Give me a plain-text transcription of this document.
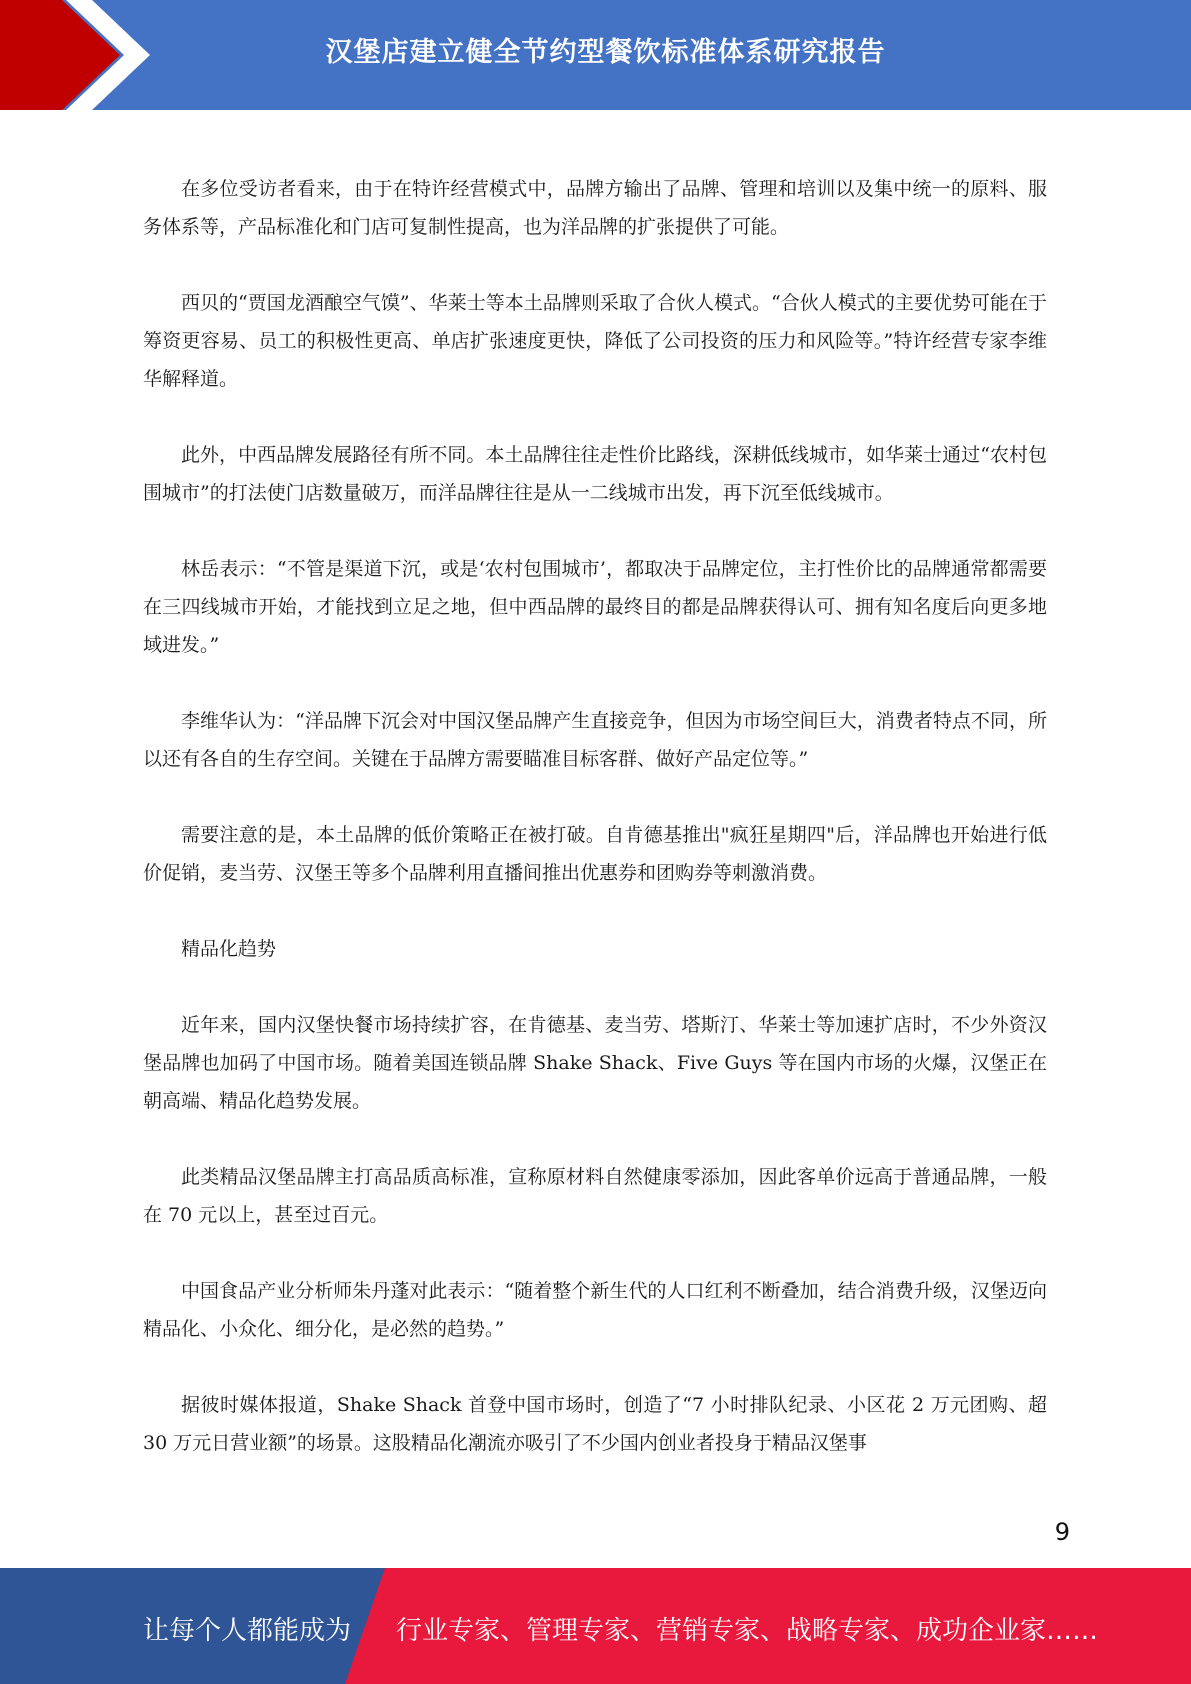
汉堡店建立健全节约型餐饮标准体系研究报告

在多位受访者看来，由于在特许经营模式中，品牌方输出了品牌、管理和培训以及集中统一的原料、服务体系等，产品标准化和门店可复制性提高，也为洋品牌的扩张提供了可能。

西贝的“贾国龙酒酿空气馍”、华莱士等本土品牌则采取了合伙人模式。“合伙人模式的主要优势可能在于筹资更容易、员工的积极性更高、单店扩张速度更快，降低了公司投资的压力和风险等。”特许经营专家李维华解释道。

此外，中西品牌发展路径有所不同。本土品牌往往走性价比路线，深耕低线城市，如华莱士通过“农村包围城市”的打法使门店数量破万，而洋品牌往往是从一二线城市出发，再下沉至低线城市。

林岳表示：“不管是渠道下沉，或是‘农村包围城市’，都取决于品牌定位，主打性价比的品牌通常都需要在三四线城市开始，才能找到立足之地，但中西品牌的最终目的都是品牌获得认可、拥有知名度后向更多地域进发。”

李维华认为：“洋品牌下沉会对中国汉堡品牌产生直接竞争，但因为市场空间巨大，消费者特点不同，所以还有各自的生存空间。关键在于品牌方需要瞄准目标客群、做好产品定位等。”

需要注意的是，本土品牌的低价策略正在被打破。自肯德基推出"疯狂星期四"后，洋品牌也开始进行低价促销，麦当劳、汉堡王等多个品牌利用直播间推出优惠券和团购券等刺激消费。

精品化趋势

近年来，国内汉堡快餐市场持续扩容，在肯德基、麦当劳、塔斯汀、华莱士等加速扩店时，不少外资汉堡品牌也加码了中国市场。随着美国连锁品牌 Shake Shack、Five Guys 等在国内市场的火爆，汉堡正在朝高端、精品化趋势发展。

此类精品汉堡品牌主打高品质高标准，宣称原材料自然健康零添加，因此客单价远高于普通品牌，一般在 70 元以上，甚至过百元。

中国食品产业分析师朱丹蓬对此表示：“随着整个新生代的人口红利不断叠加，结合消费升级，汉堡迈向精品化、小众化、细分化，是必然的趋势。”

据彼时媒体报道，Shake Shack 首登中国市场时，创造了“7 小时排队纪录、小区花 2 万元团购、超 30 万元日营业额”的场景。这股精品化潮流亦吸引了不少国内创业者投身于精品汉堡事

9
让每个人都能成为 行业专家、管理专家、营销专家、战略专家、成功企业家……
